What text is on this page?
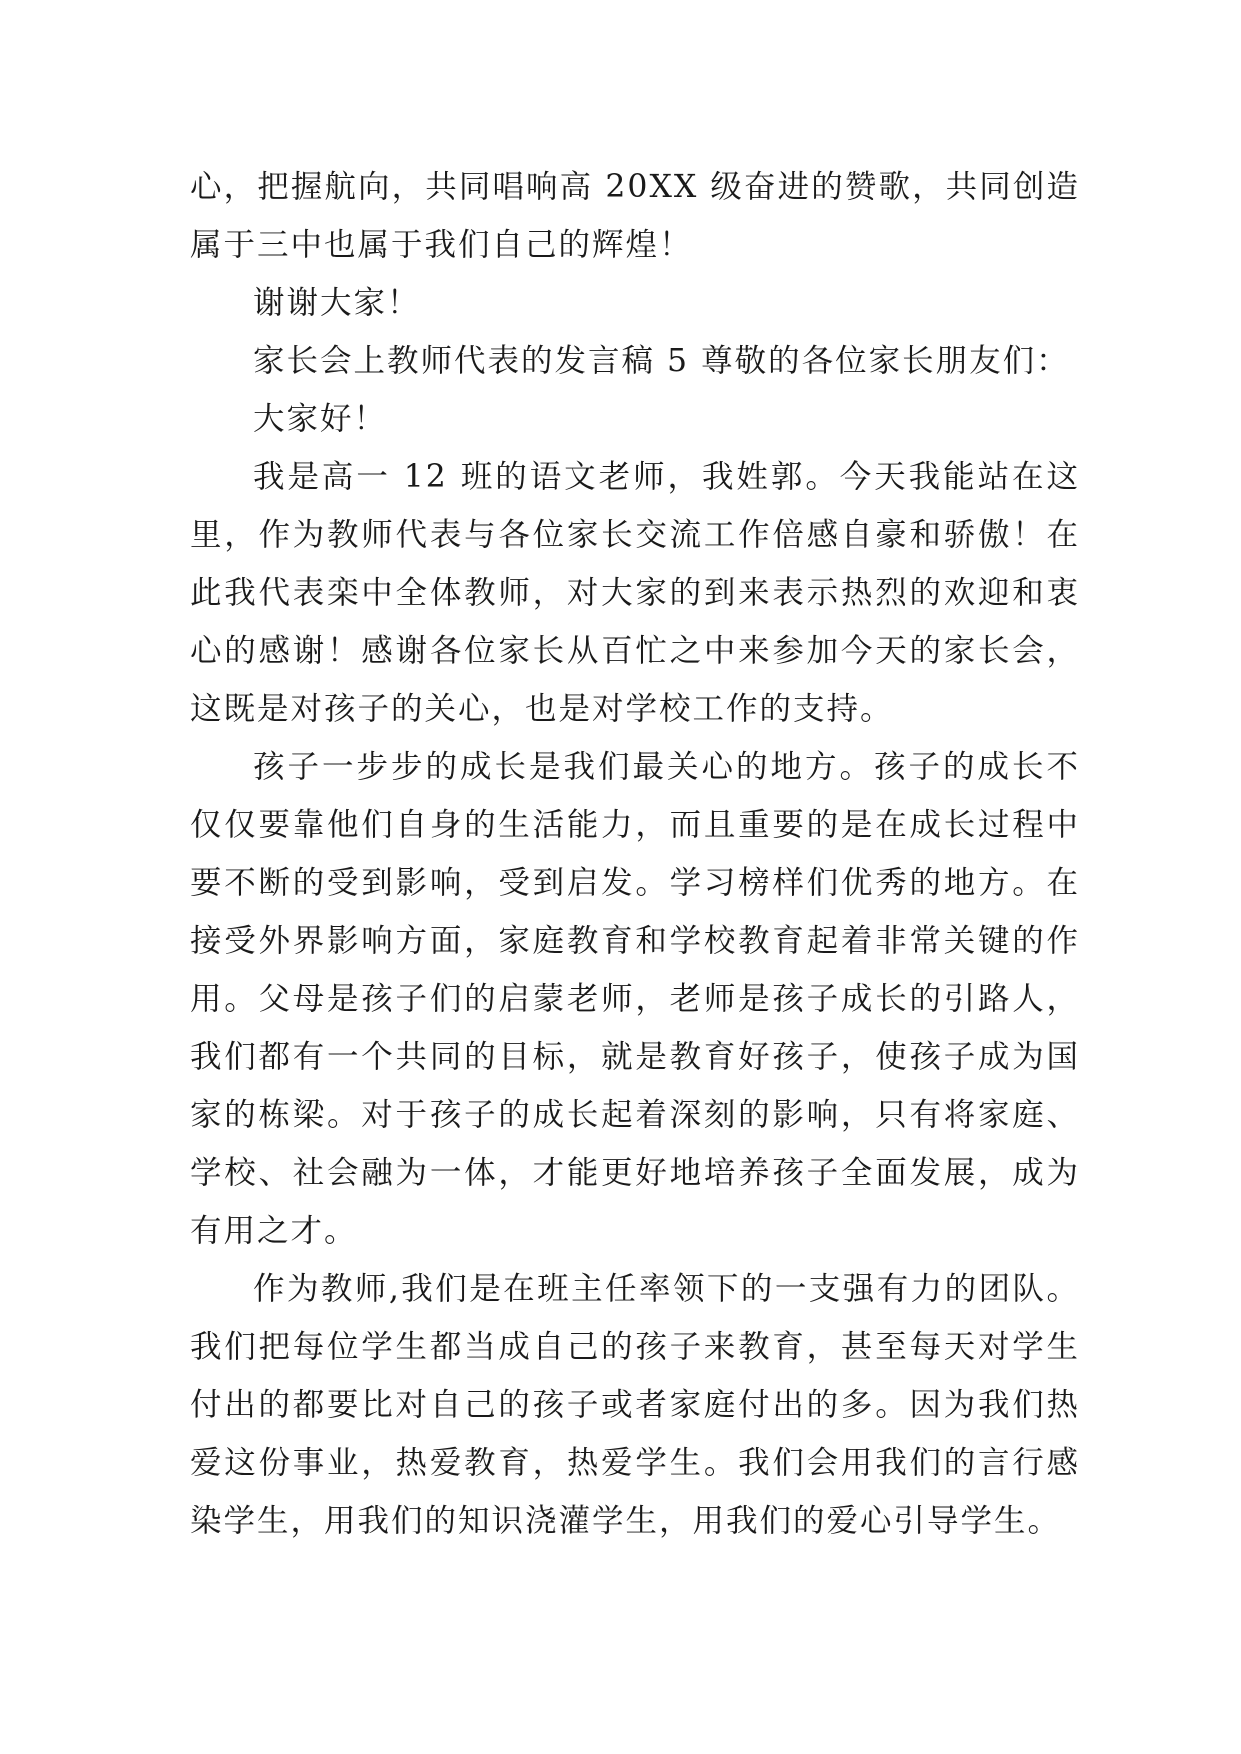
心，把握航向，共同唱响高 20XX 级奋进的赞歌，共同创造属于三中也属于我们自己的辉煌！

谢谢大家！

家长会上教师代表的发言稿 5 尊敬的各位家长朋友们：

大家好！

我是高一 12 班的语文老师，我姓郭。今天我能站在这里，作为教师代表与各位家长交流工作倍感自豪和骄傲！在此我代表栾中全体教师，对大家的到来表示热烈的欢迎和衷心的感谢！感谢各位家长从百忙之中来参加今天的家长会，这既是对孩子的关心，也是对学校工作的支持。

孩子一步步的成长是我们最关心的地方。孩子的成长不仅仅要靠他们自身的生活能力，而且重要的是在成长过程中要不断的受到影响，受到启发。学习榜样们优秀的地方。在接受外界影响方面，家庭教育和学校教育起着非常关键的作用。父母是孩子们的启蒙老师，老师是孩子成长的引路人，我们都有一个共同的目标，就是教育好孩子，使孩子成为国家的栋梁。对于孩子的成长起着深刻的影响，只有将家庭、学校、社会融为一体，才能更好地培养孩子全面发展，成为有用之才。

作为教师,我们是在班主任率领下的一支强有力的团队。我们把每位学生都当成自己的孩子来教育，甚至每天对学生付出的都要比对自己的孩子或者家庭付出的多。因为我们热爱这份事业，热爱教育，热爱学生。我们会用我们的言行感染学生，用我们的知识浇灌学生，用我们的爱心引导学生。
